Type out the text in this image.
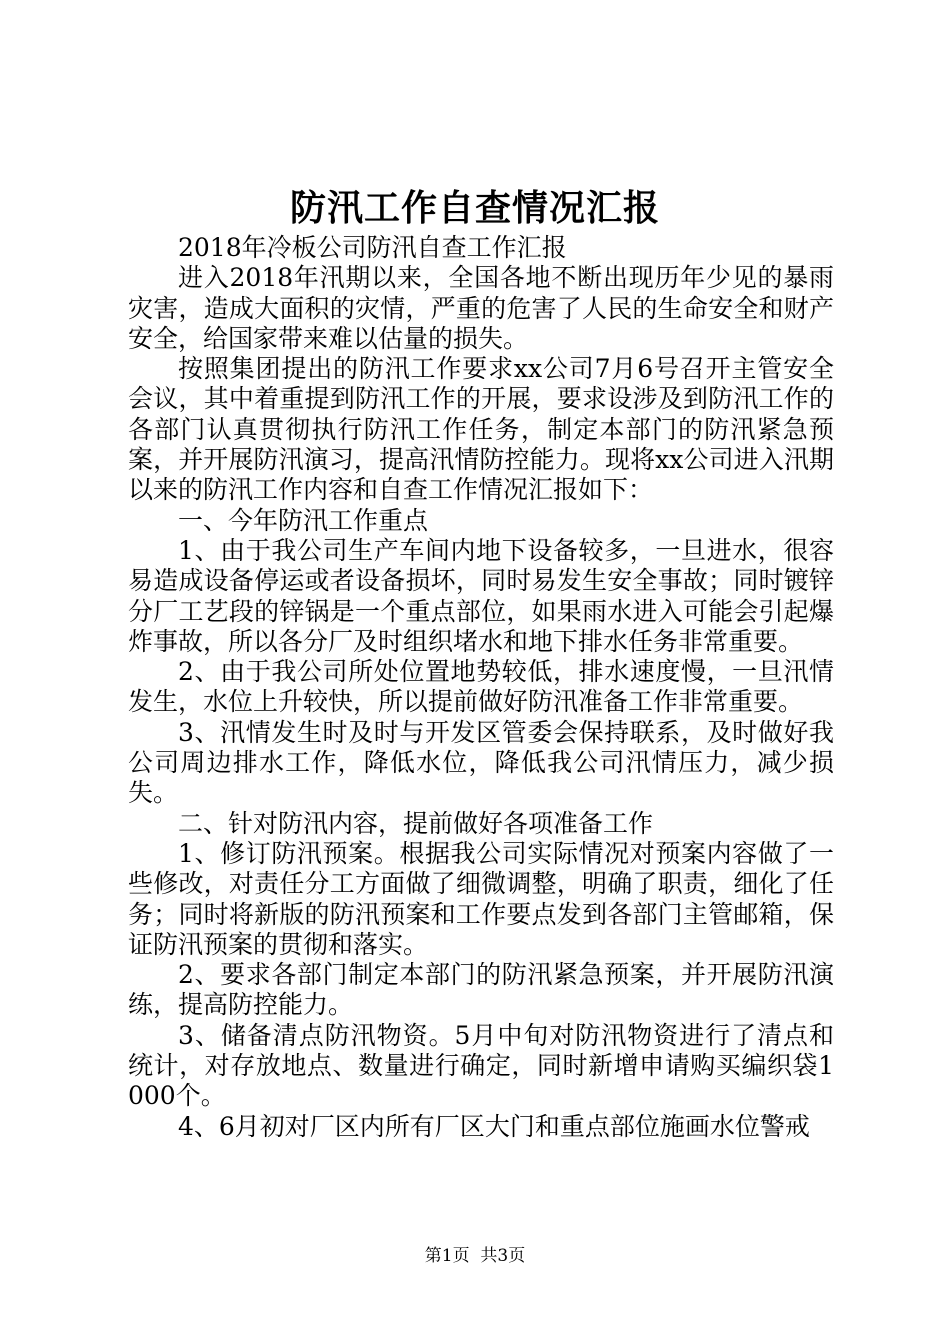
防汛工作自查情况汇报

2018年冷板公司防汛自查工作汇报

进入2018年汛期以来，全国各地不断出现历年少见的暴雨灾害，造成大面积的灾情，严重的危害了人民的生命安全和财产安全，给国家带来难以估量的损失。

按照集团提出的防汛工作要求xx公司7月6号召开主管安全会议，其中着重提到防汛工作的开展，要求设涉及到防汛工作的各部门认真贯彻执行防汛工作任务，制定本部门的防汛紧急预案，并开展防汛演习，提高汛情防控能力。现将xx公司进入汛期以来的防汛工作内容和自查工作情况汇报如下：

一、今年防汛工作重点

1、由于我公司生产车间内地下设备较多，一旦进水，很容易造成设备停运或者设备损坏，同时易发生安全事故；同时镀锌分厂工艺段的锌锅是一个重点部位，如果雨水进入可能会引起爆炸事故，所以各分厂及时组织堵水和地下排水任务非常重要。

2、由于我公司所处位置地势较低，排水速度慢，一旦汛情发生，水位上升较快，所以提前做好防汛准备工作非常重要。

3、汛情发生时及时与开发区管委会保持联系，及时做好我公司周边排水工作，降低水位，降低我公司汛情压力，减少损失。

二、针对防汛内容，提前做好各项准备工作

1、修订防汛预案。根据我公司实际情况对预案内容做了一些修改，对责任分工方面做了细微调整，明确了职责，细化了任务；同时将新版的防汛预案和工作要点发到各部门主管邮箱，保证防汛预案的贯彻和落实。

2、要求各部门制定本部门的防汛紧急预案，并开展防汛演练，提高防控能力。

3、储备清点防汛物资。5月中旬对防汛物资进行了清点和统计，对存放地点、数量进行确定，同时新增申请购买编织袋1000个。

4、6月初对厂区内所有厂区大门和重点部位施画水位警戒

第1页 共3页
